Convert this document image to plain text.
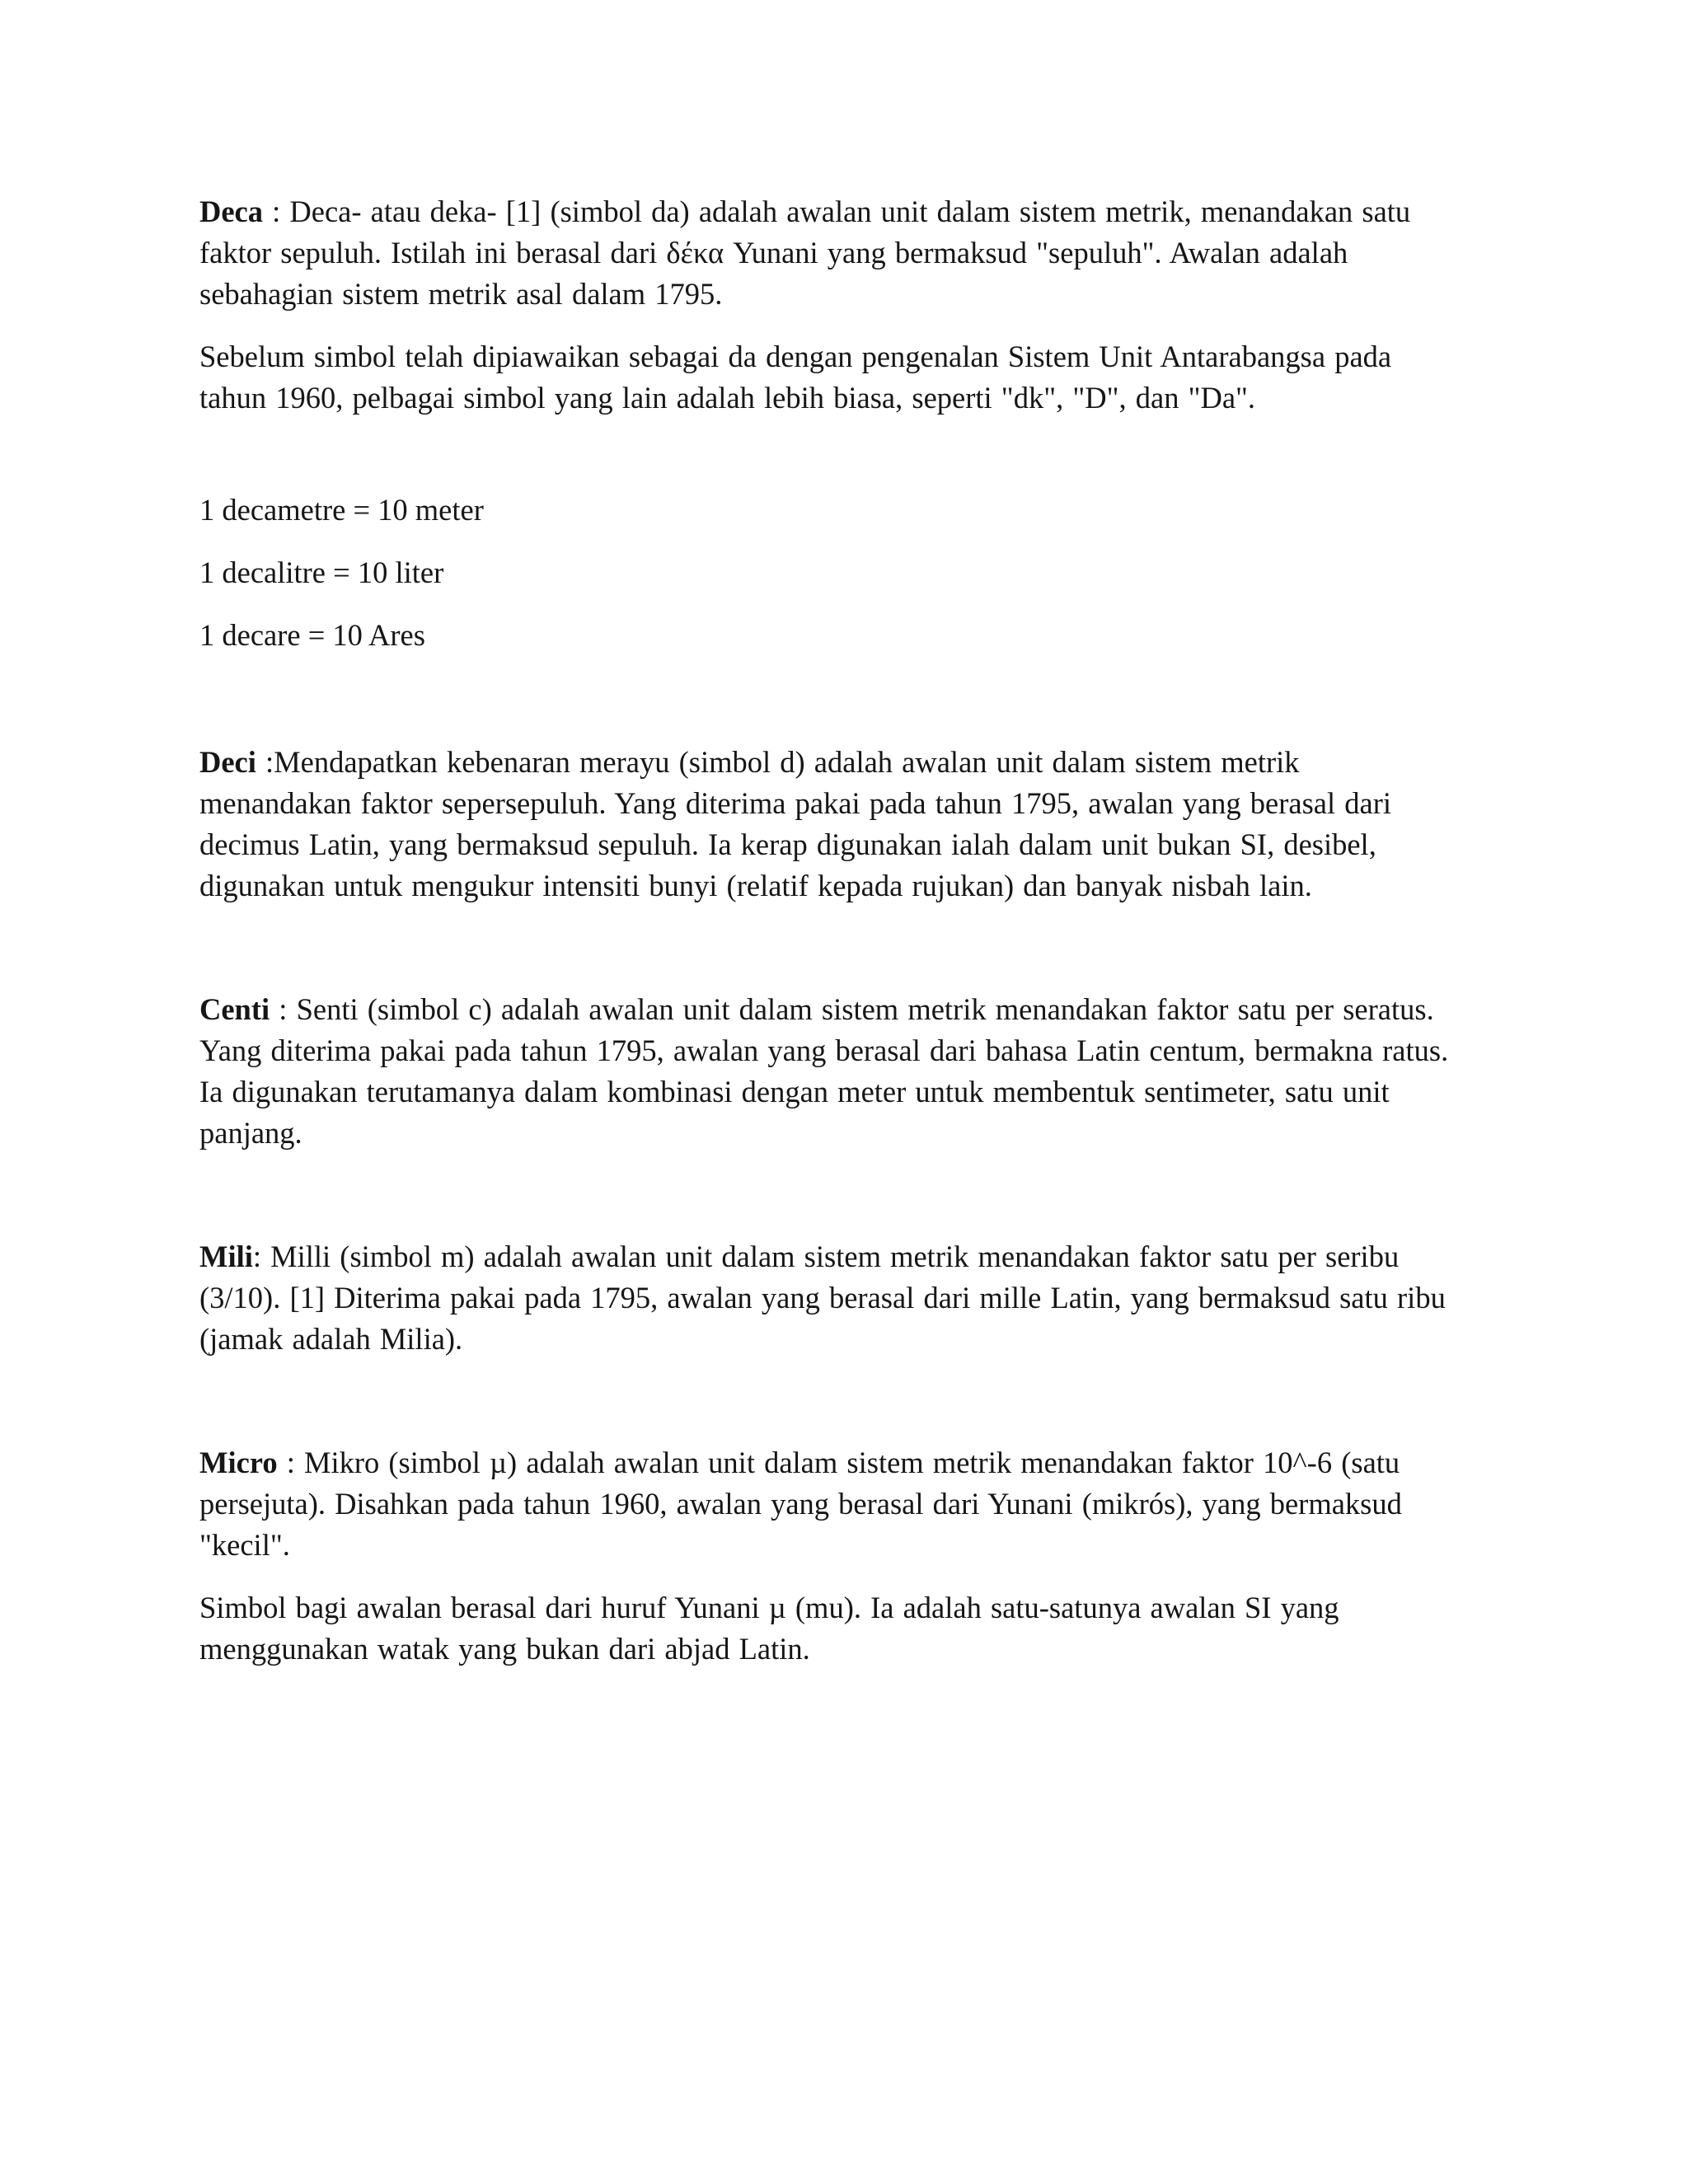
Deca : Deca- atau deka- [1] (simbol da) adalah awalan unit dalam sistem metrik, menandakan satu faktor sepuluh. Istilah ini berasal dari δέκα Yunani yang bermaksud "sepuluh". Awalan adalah sebahagian sistem metrik asal dalam 1795.

Sebelum simbol telah dipiawaikan sebagai da dengan pengenalan Sistem Unit Antarabangsa pada tahun 1960, pelbagai simbol yang lain adalah lebih biasa, seperti "dk", "D", dan "Da".

1 decametre = 10 meter

1 decalitre = 10 liter

1 decare = 10 Ares

Deci :Mendapatkan kebenaran merayu (simbol d) adalah awalan unit dalam sistem metrik menandakan faktor sepersepuluh. Yang diterima pakai pada tahun 1795, awalan yang berasal dari decimus Latin, yang bermaksud sepuluh. Ia kerap digunakan ialah dalam unit bukan SI, desibel, digunakan untuk mengukur intensiti bunyi (relatif kepada rujukan) dan banyak nisbah lain.

Centi : Senti (simbol c) adalah awalan unit dalam sistem metrik menandakan faktor satu per seratus. Yang diterima pakai pada tahun 1795, awalan yang berasal dari bahasa Latin centum, bermakna ratus. Ia digunakan terutamanya dalam kombinasi dengan meter untuk membentuk sentimeter, satu unit panjang.

Mili: Milli (simbol m) adalah awalan unit dalam sistem metrik menandakan faktor satu per seribu (3/10). [1] Diterima pakai pada 1795, awalan yang berasal dari mille Latin, yang bermaksud satu ribu (jamak adalah Milia).

Micro : Mikro (simbol µ) adalah awalan unit dalam sistem metrik menandakan faktor 10^-6 (satu persejuta). Disahkan pada tahun 1960, awalan yang berasal dari Yunani (mikrós), yang bermaksud "kecil".

Simbol bagi awalan berasal dari huruf Yunani µ (mu). Ia adalah satu-satunya awalan SI yang menggunakan watak yang bukan dari abjad Latin.
